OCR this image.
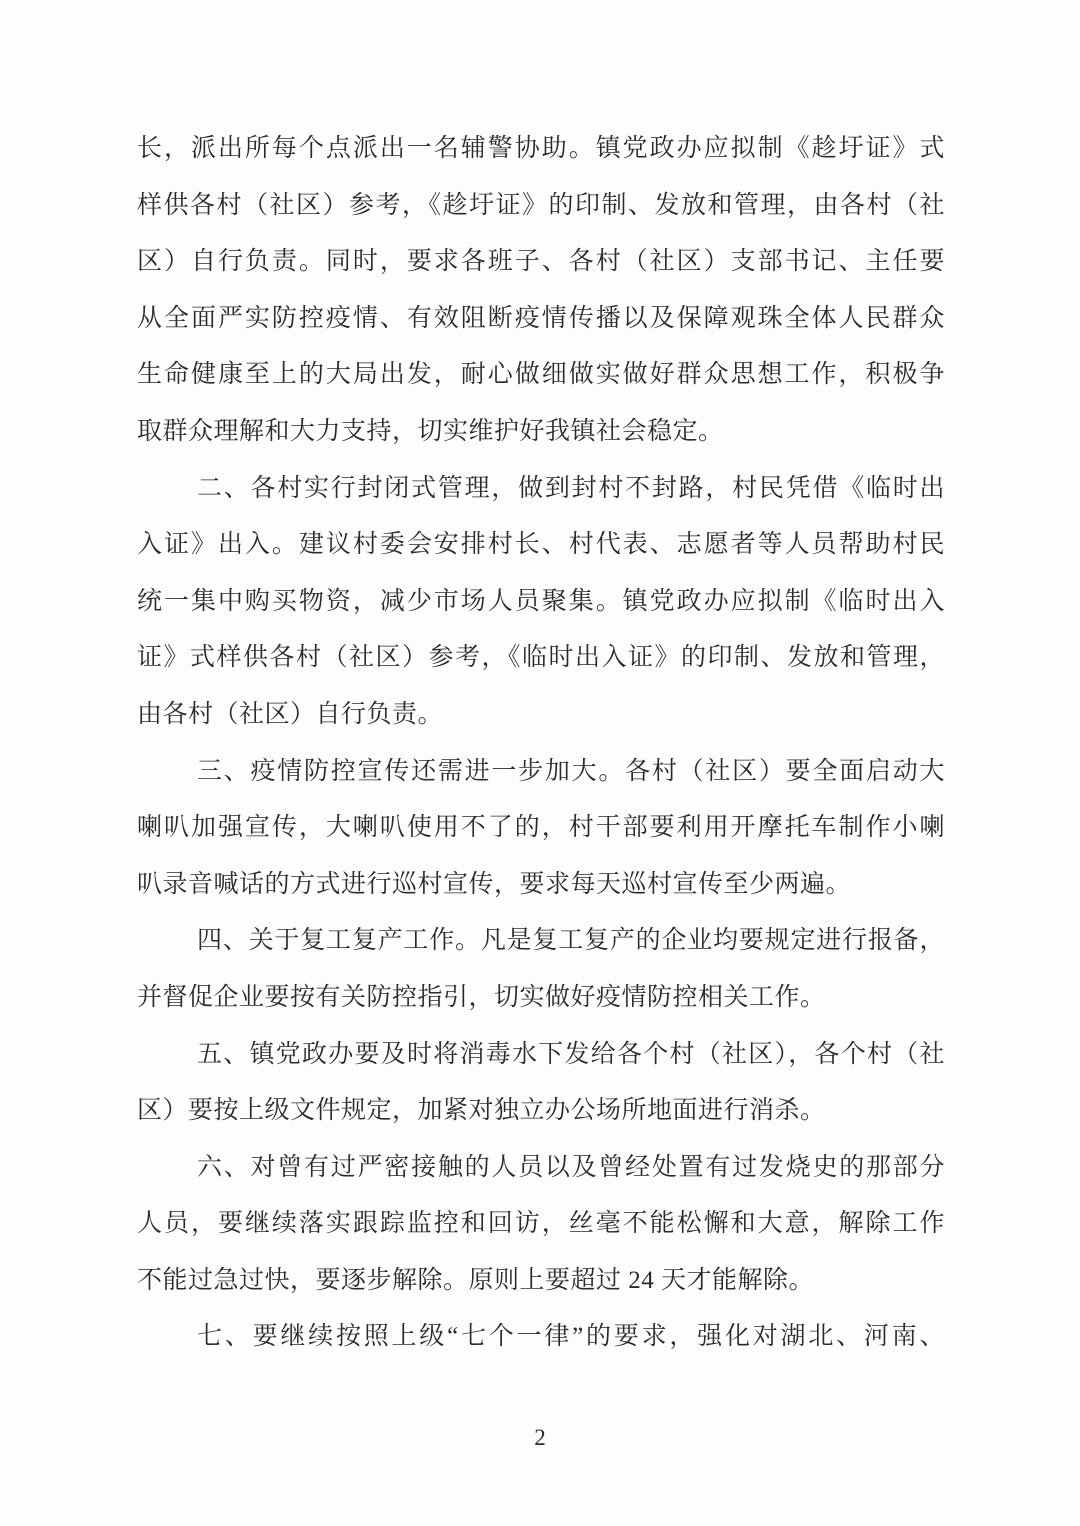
长，派出所每个点派出一名辅警协助。镇党政办应拟制《趁圩证》式
样供各村（社区）参考，《趁圩证》的印制、发放和管理，由各村（社
区）自行负责。同时，要求各班子、各村（社区）支部书记、主任要
从全面严实防控疫情、有效阻断疫情传播以及保障观珠全体人民群众
生命健康至上的大局出发，耐心做细做实做好群众思想工作，积极争
取群众理解和大力支持，切实维护好我镇社会稳定。
二、各村实行封闭式管理，做到封村不封路，村民凭借《临时出
入证》出入。建议村委会安排村长、村代表、志愿者等人员帮助村民
统一集中购买物资，减少市场人员聚集。镇党政办应拟制《临时出入
证》式样供各村（社区）参考，《临时出入证》的印制、发放和管理，
由各村（社区）自行负责。
三、疫情防控宣传还需进一步加大。各村（社区）要全面启动大
喇叭加强宣传，大喇叭使用不了的，村干部要利用开摩托车制作小喇
叭录音喊话的方式进行巡村宣传，要求每天巡村宣传至少两遍。
四、关于复工复产工作。凡是复工复产的企业均要规定进行报备，
并督促企业要按有关防控指引，切实做好疫情防控相关工作。
五、镇党政办要及时将消毒水下发给各个村（社区），各个村（社
区）要按上级文件规定，加紧对独立办公场所地面进行消杀。
六、对曾有过严密接触的人员以及曾经处置有过发烧史的那部分
人员，要继续落实跟踪监控和回访，丝毫不能松懈和大意，解除工作
不能过急过快，要逐步解除。原则上要超过 24 天才能解除。
七、要继续按照上级“七个一律”的要求，强化对湖北、河南、
2
